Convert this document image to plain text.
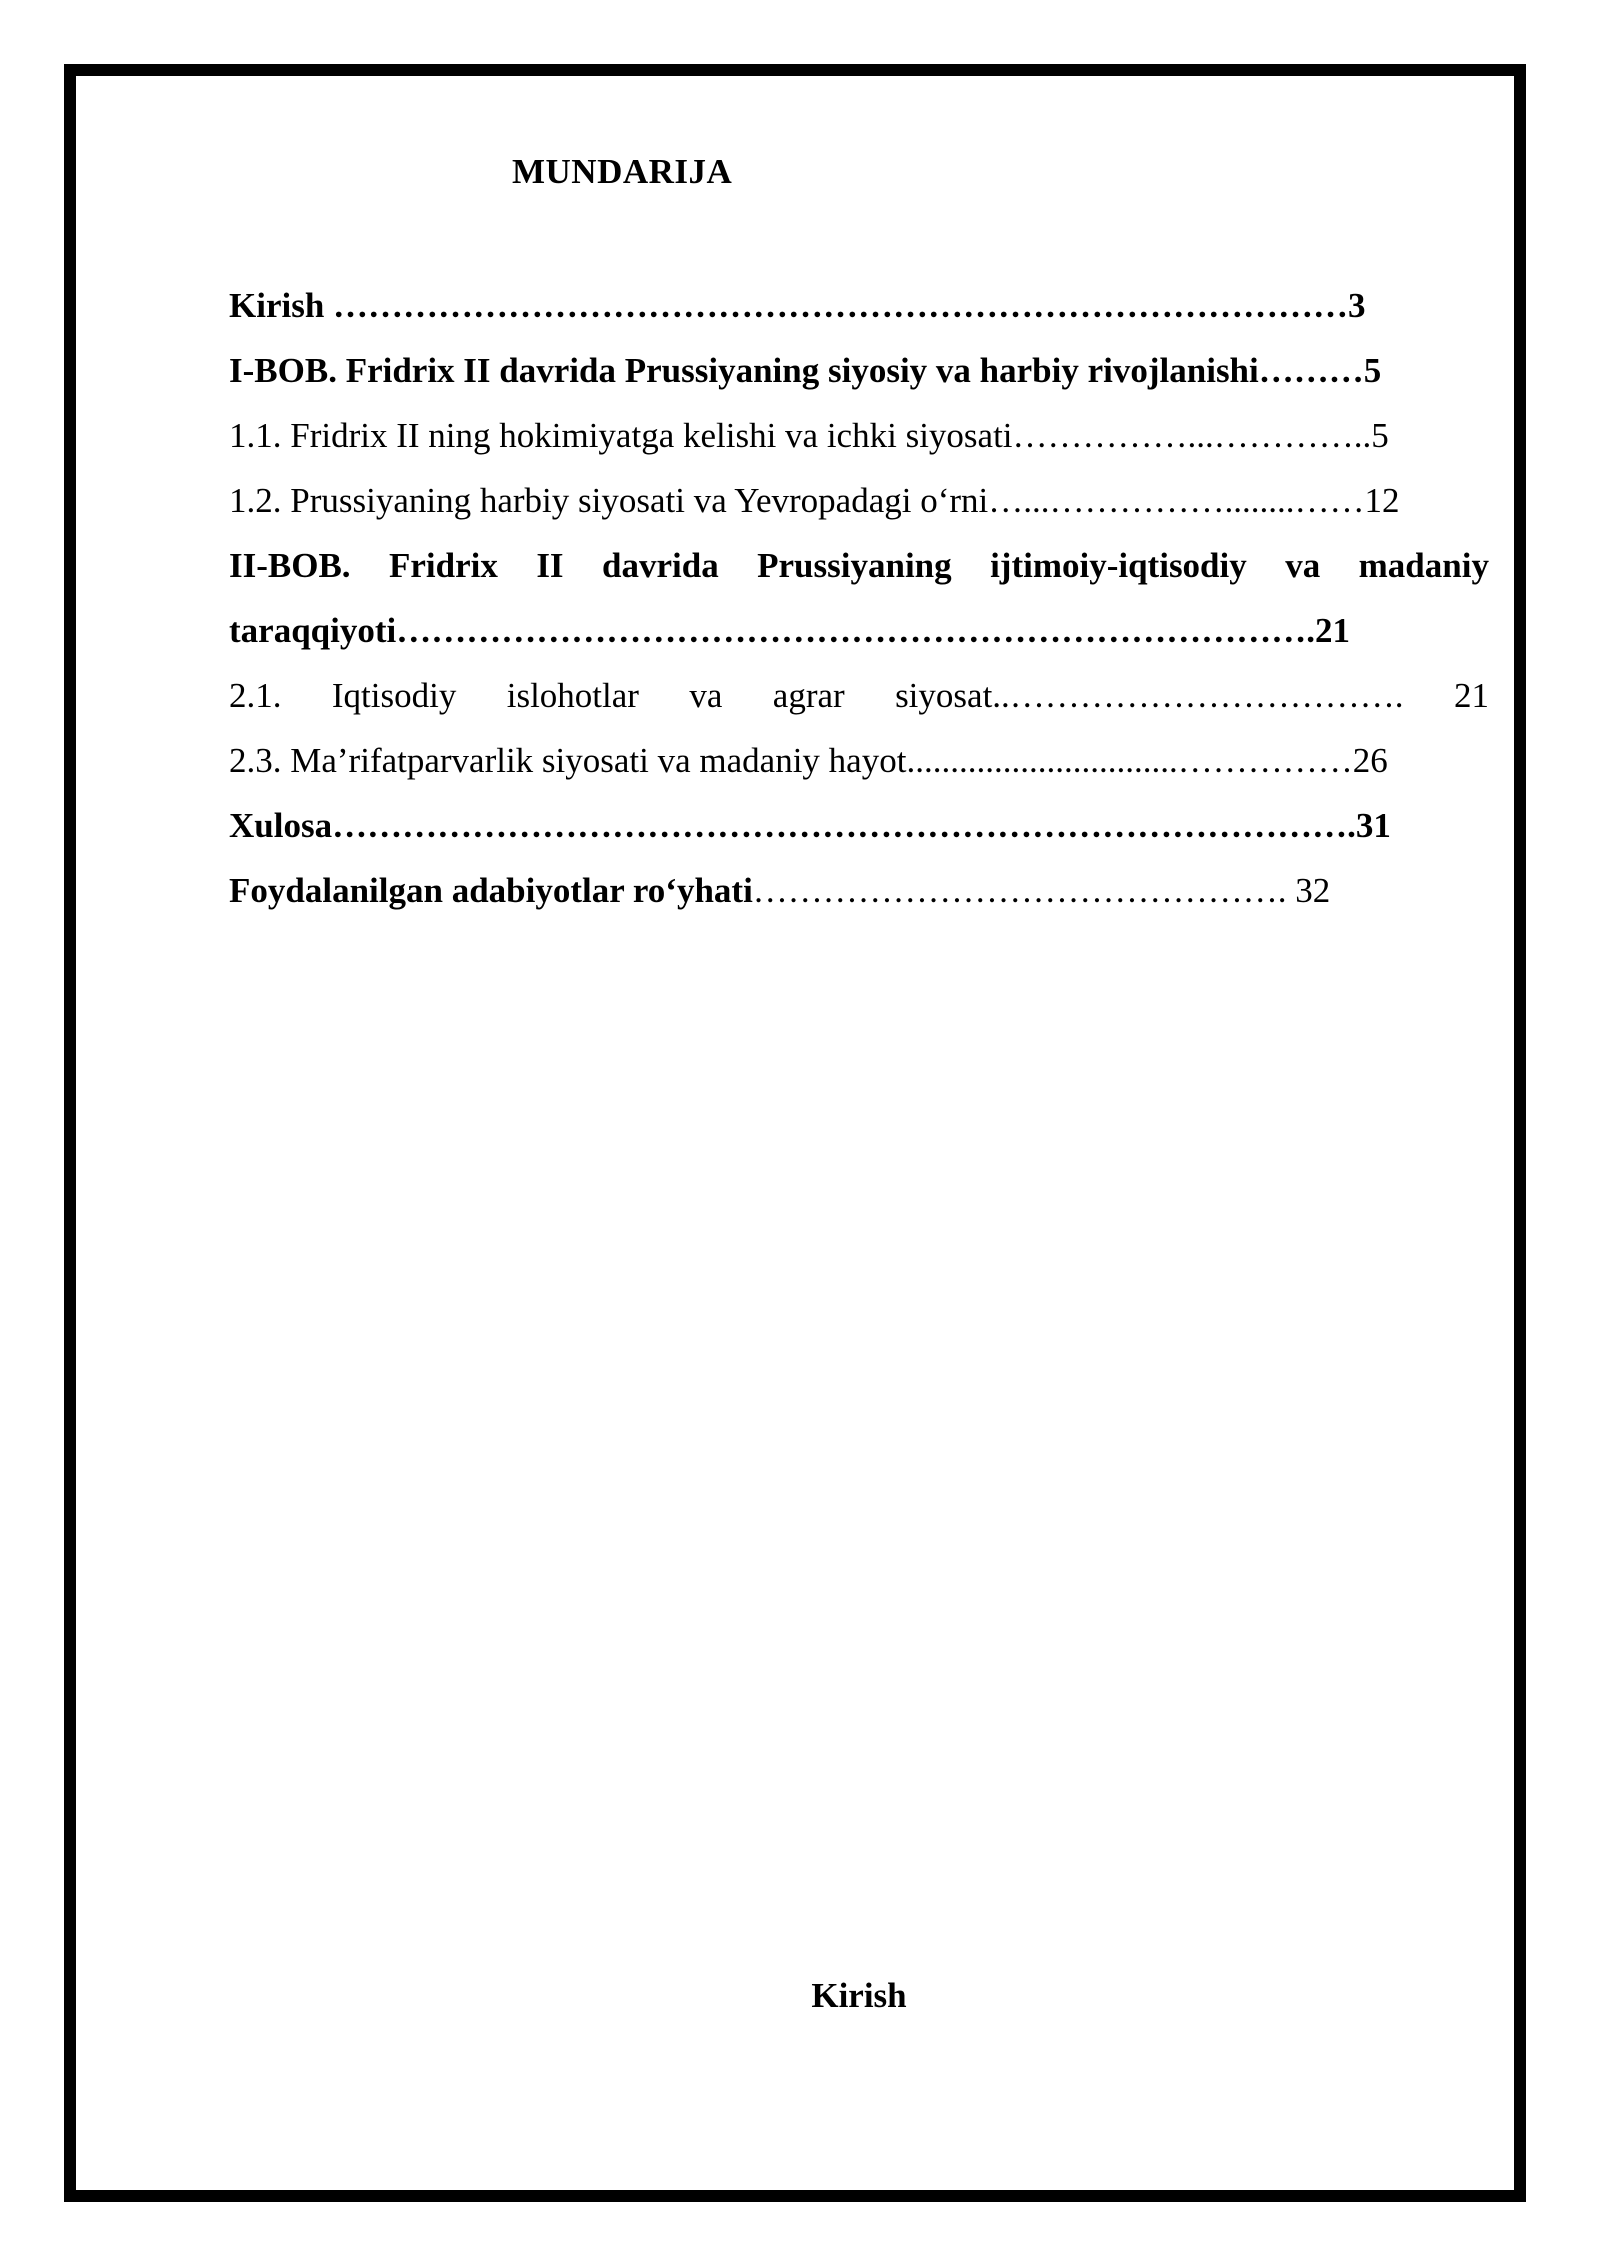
MUNDARIJA
Kirish ……………………………………………………………………………3
I-BOB. Fridrix II davrida Prussiyaning siyosiy va harbiy rivojlanishi………5
1.1. Fridrix II ning hokimiyatga kelishi va ichki siyosati……………...…………..5
1.2. Prussiyaning harbiy siyosati va Yevropadagi o‘rni…...……………........……12
II-BOB. Fridrix II davrida Prussiyaning ijtimoiy-iqtisodiy va madaniy
taraqqiyoti…………………………………………………………………….21
2.1. Iqtisodiy islohotlar va agrar siyosat..……………………………. 21
2.3. Ma’rifatparvarlik siyosati va madaniy hayot...............................……………26
Xulosa…………………………………………………………………………….31
Foydalanilgan adabiyotlar ro‘yhati………………………………………. 32
Kirish
